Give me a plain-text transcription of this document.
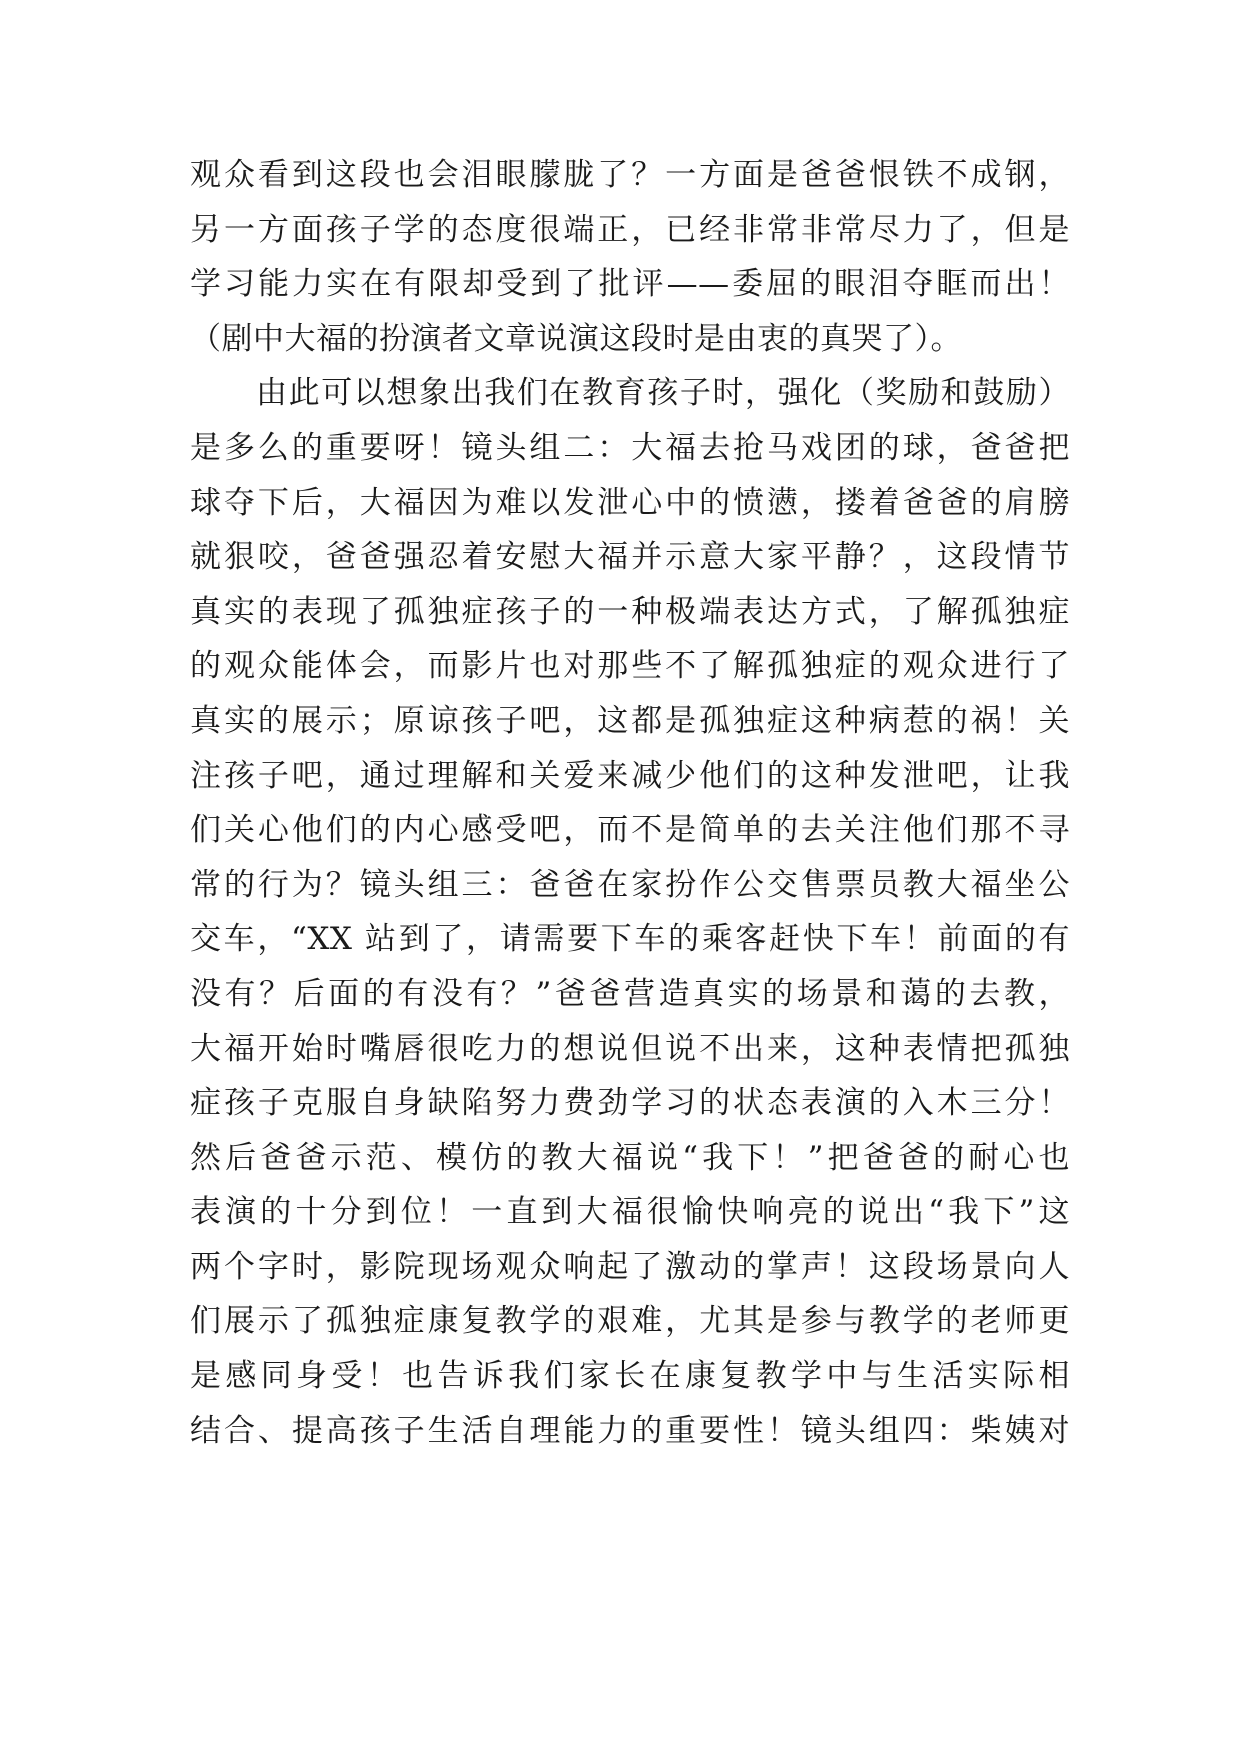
观众看到这段也会泪眼朦胧了？一方面是爸爸恨铁不成钢，
另一方面孩子学的态度很端正，已经非常非常尽力了，但是
学习能力实在有限却受到了批评——委屈的眼泪夺眶而出！
（剧中大福的扮演者文章说演这段时是由衷的真哭了）。
由此可以想象出我们在教育孩子时，强化（奖励和鼓励）
是多么的重要呀！镜头组二：大福去抢马戏团的球，爸爸把
球夺下后，大福因为难以发泄心中的愤懑，搂着爸爸的肩膀
就狠咬，爸爸强忍着安慰大福并示意大家平静？，这段情节
真实的表现了孤独症孩子的一种极端表达方式，了解孤独症
的观众能体会，而影片也对那些不了解孤独症的观众进行了
真实的展示；原谅孩子吧，这都是孤独症这种病惹的祸！关
注孩子吧，通过理解和关爱来减少他们的这种发泄吧，让我
们关心他们的内心感受吧，而不是简单的去关注他们那不寻
常的行为？镜头组三：爸爸在家扮作公交售票员教大福坐公
交车，“XX 站到了，请需要下车的乘客赶快下车！前面的有
没有？后面的有没有？”爸爸营造真实的场景和蔼的去教，
大福开始时嘴唇很吃力的想说但说不出来，这种表情把孤独
症孩子克服自身缺陷努力费劲学习的状态表演的入木三分！
然后爸爸示范、模仿的教大福说“我下！”把爸爸的耐心也
表演的十分到位！一直到大福很愉快响亮的说出“我下”这
两个字时，影院现场观众响起了激动的掌声！这段场景向人
们展示了孤独症康复教学的艰难，尤其是参与教学的老师更
是感同身受！也告诉我们家长在康复教学中与生活实际相
结合、提高孩子生活自理能力的重要性！镜头组四：柴姨对
